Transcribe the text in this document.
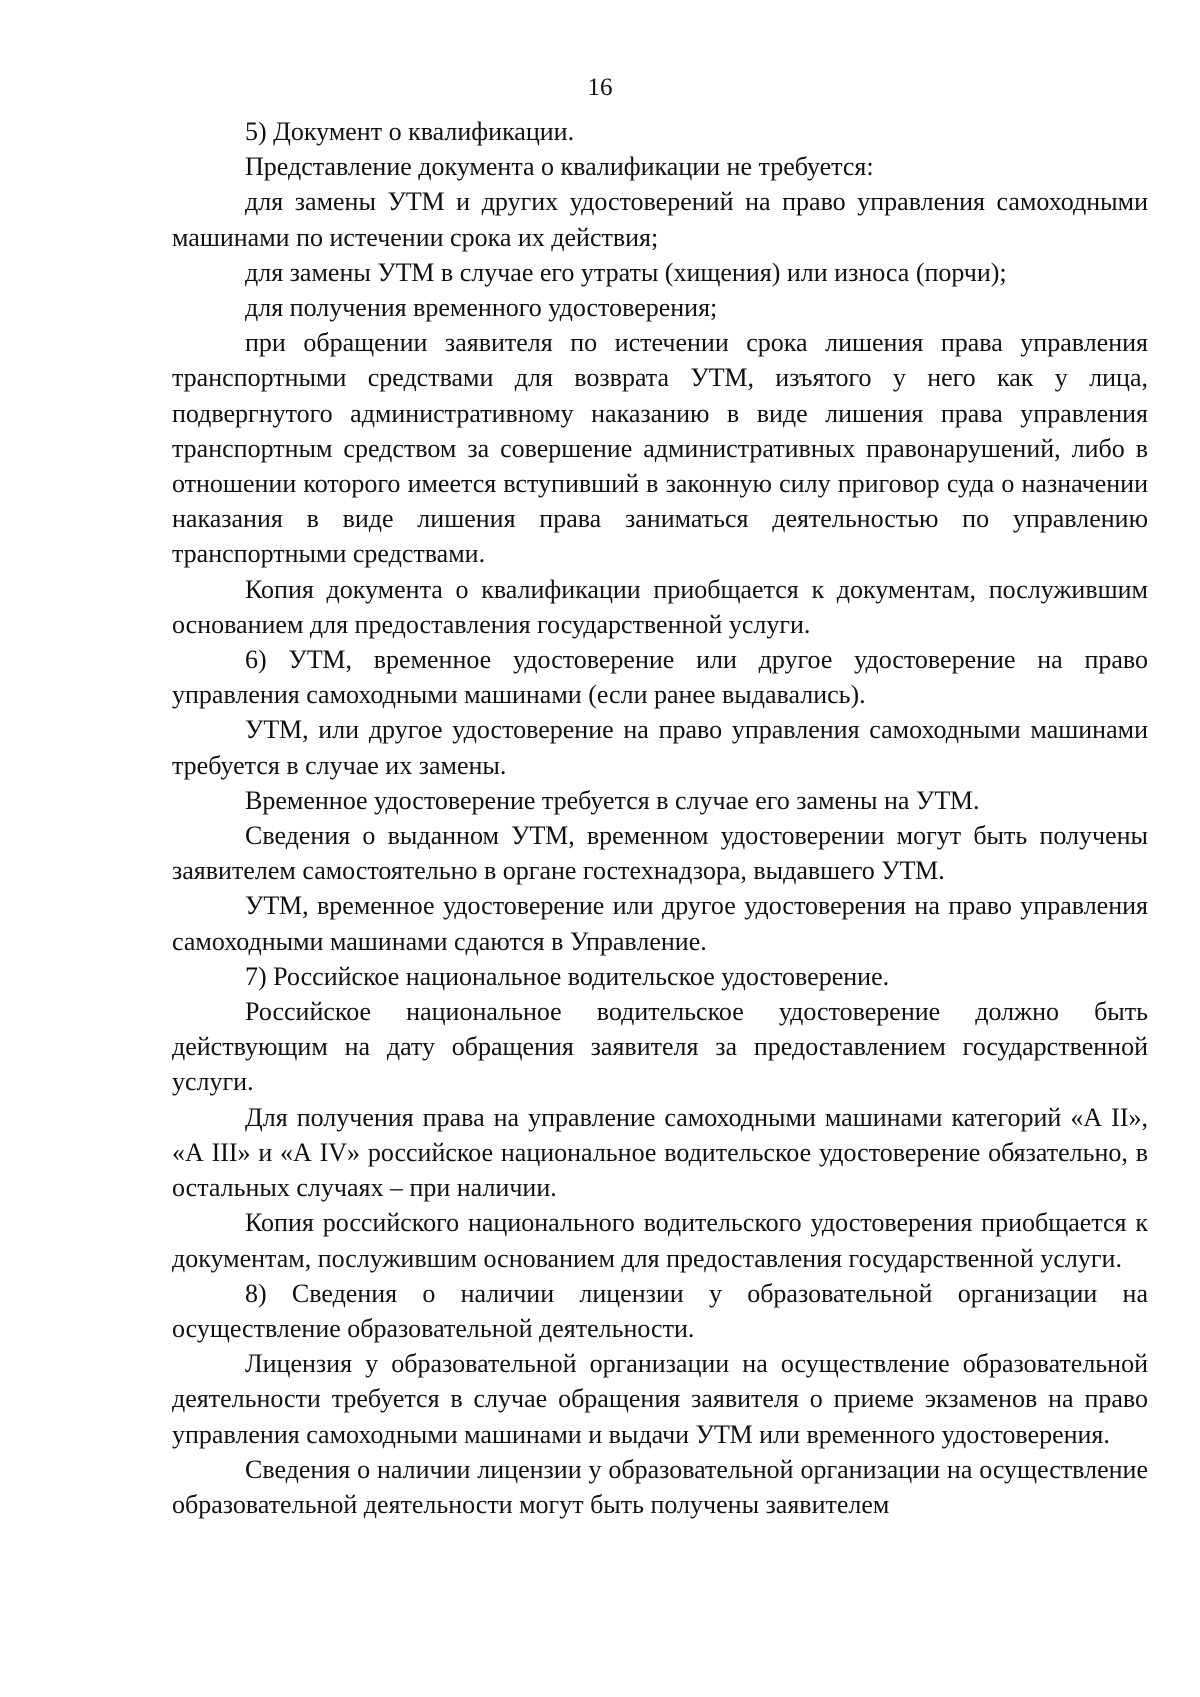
16

5) Документ о квалификации.

Представление документа о квалификации не требуется:

для замены УТМ и других удостоверений на право управления самоходными машинами по истечении срока их действия;

для замены УТМ в случае его утраты (хищения) или износа (порчи);

для получения временного удостоверения;

при обращении заявителя по истечении срока лишения права управления транспортными средствами для возврата УТМ, изъятого у него как у лица, подвергнутого административному наказанию в виде лишения права управления транспортным средством за совершение административных правонарушений, либо в отношении которого имеется вступивший в законную силу приговор суда о назначении наказания в виде лишения права заниматься деятельностью по управлению транспортными средствами.

Копия документа о квалификации приобщается к документам, послужившим основанием для предоставления государственной услуги.

6) УТМ, временное удостоверение или другое удостоверение на право управления самоходными машинами (если ранее выдавались).

УТМ, или другое удостоверение на право управления самоходными машинами требуется в случае их замены.

Временное удостоверение требуется в случае его замены на УТМ.

Сведения о выданном УТМ, временном удостоверении могут быть получены заявителем самостоятельно в органе гостехнадзора, выдавшего УТМ.

УТМ, временное удостоверение или другое удостоверения на право управления самоходными машинами сдаются в Управление.

7) Российское национальное водительское удостоверение.

Российское национальное водительское удостоверение должно быть действующим на дату обращения заявителя за предоставлением государственной услуги.

Для получения права на управление самоходными машинами категорий «А II», «А III» и «А IV» российское национальное водительское удостоверение обязательно, в остальных случаях – при наличии.

Копия российского национального водительского удостоверения приобщается к документам, послужившим основанием для предоставления государственной услуги.

8) Сведения о наличии лицензии у образовательной организации на осуществление образовательной деятельности.

Лицензия у образовательной организации на осуществление образовательной деятельности требуется в случае обращения заявителя о приеме экзаменов на право управления самоходными машинами и выдачи УТМ или временного удостоверения.

Сведения о наличии лицензии у образовательной организации на осуществление образовательной деятельности могут быть получены заявителем
